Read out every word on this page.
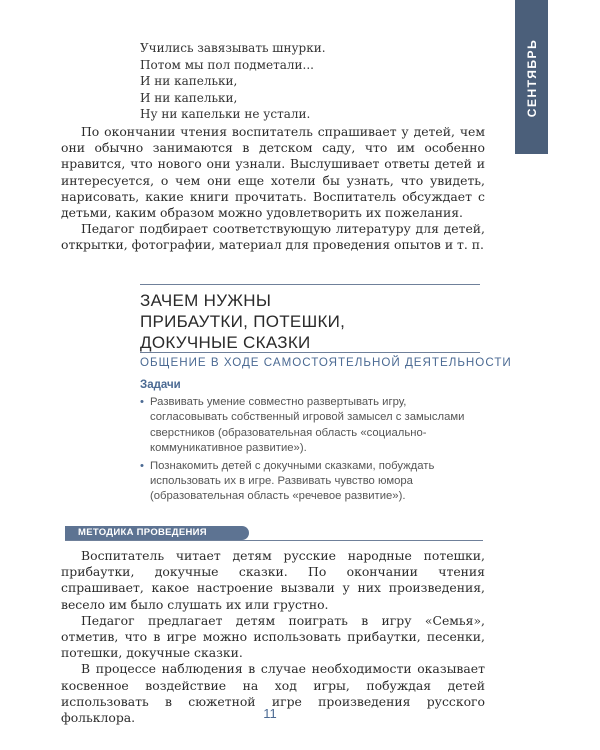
СЕНТЯБРЬ
Учились завязывать шнурки.
Потом мы пол подметали...
И ни капельки,
И ни капельки,
Ну ни капельки не устали.

По окончании чтения воспитатель спрашивает у детей, чем они обычно занимаются в детском саду, что им особенно нравится, что нового они узнали. Выслушивает ответы детей и интересуется, о чем они еще хотели бы узнать, что увидеть, нарисовать, какие книги прочитать. Воспитатель обсуждает с детьми, каким образом можно удовлетворить их пожелания.

Педагог подбирает соответствующую литературу для детей, открытки, фотографии, материал для проведения опытов и т. п.

ЗАЧЕМ НУЖНЫ
ПРИБАУТКИ, ПОТЕШКИ,
ДОКУЧНЫЕ СКАЗКИ
ОБЩЕНИЕ В ХОДЕ САМОСТОЯТЕЛЬНОЙ ДЕЯТЕЛЬНОСТИ
Задачи
• Развивать умение совместно развертывать игру, согласовывать собственный игровой замысел с замыслами сверстников (образовательная область «социально-коммуникативное развитие»).
• Познакомить детей с докучными сказками, побуждать использовать их в игре. Развивать чувство юмора (образовательная область «речевое развитие»).
МЕТОДИКА ПРОВЕДЕНИЯ

Воспитатель читает детям русские народные потешки, прибаутки, докучные сказки. По окончании чтения спрашивает, какое настроение вызвали у них произведения, весело им было слушать их или грустно.

Педагог предлагает детям поиграть в игру «Семья», отметив, что в игре можно использовать прибаутки, песенки, потешки, докучные сказки.

В процессе наблюдения в случае необходимости оказывает косвенное воздействие на ход игры, побуждая детей использовать в сюжетной игре произведения русского фольклора.	11
